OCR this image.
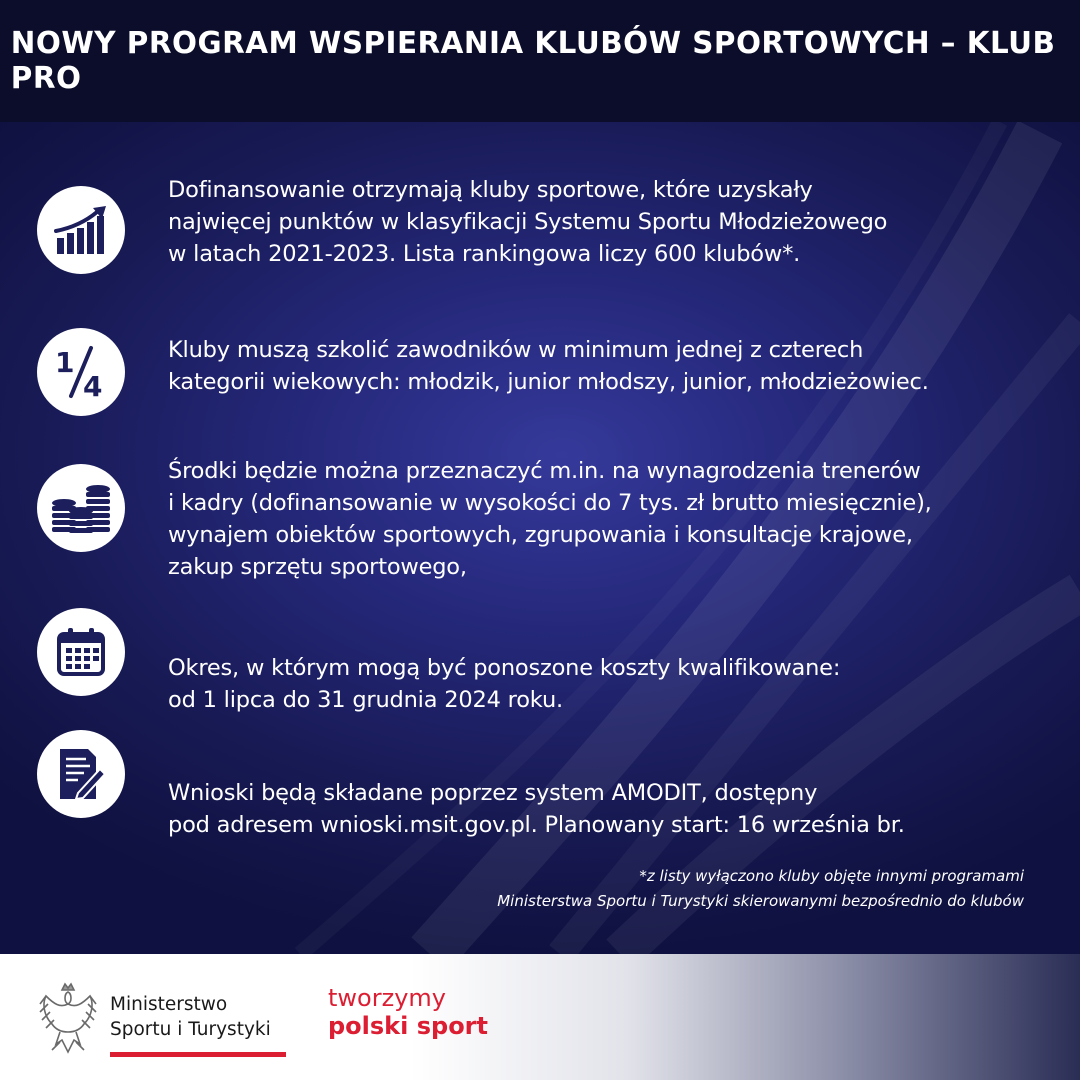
NOWY PROGRAM WSPIERANIA KLUBÓW SPORTOWYCH – KLUB PRO

Dofinansowanie otrzymają kluby sportowe, które uzyskały

najwięcej punktów w klasyfikacji Systemu Sportu Młodzieżowego

w latach 2021-2023. Lista rankingowa liczy 600 klubów*.

1
4

Kluby muszą szkolić zawodników w minimum jednej z czterech

kategorii wiekowych: młodzik, junior młodszy, junior, młodzieżowiec.

Środki będzie można przeznaczyć m.in. na wynagrodzenia trenerów

i kadry (dofinansowanie w wysokości do 7 tys. zł brutto miesięcznie),

wynajem obiektów sportowych, zgrupowania i konsultacje krajowe,

zakup sprzętu sportowego,

Okres, w którym mogą być ponoszone koszty kwalifikowane:

od 1 lipca do 31 grudnia 2024 roku.

Wnioski będą składane poprzez system AMODIT, dostępny

pod adresem wnioski.msit.gov.pl. Planowany start: 16 września br.

*z listy wyłączono kluby objęte innymi programami
Ministerstwa Sportu i Turystyki skierowanymi bezpośrednio do klubów
Ministerstwo
Sportu i Turystyki
tworzymy
polski sport
